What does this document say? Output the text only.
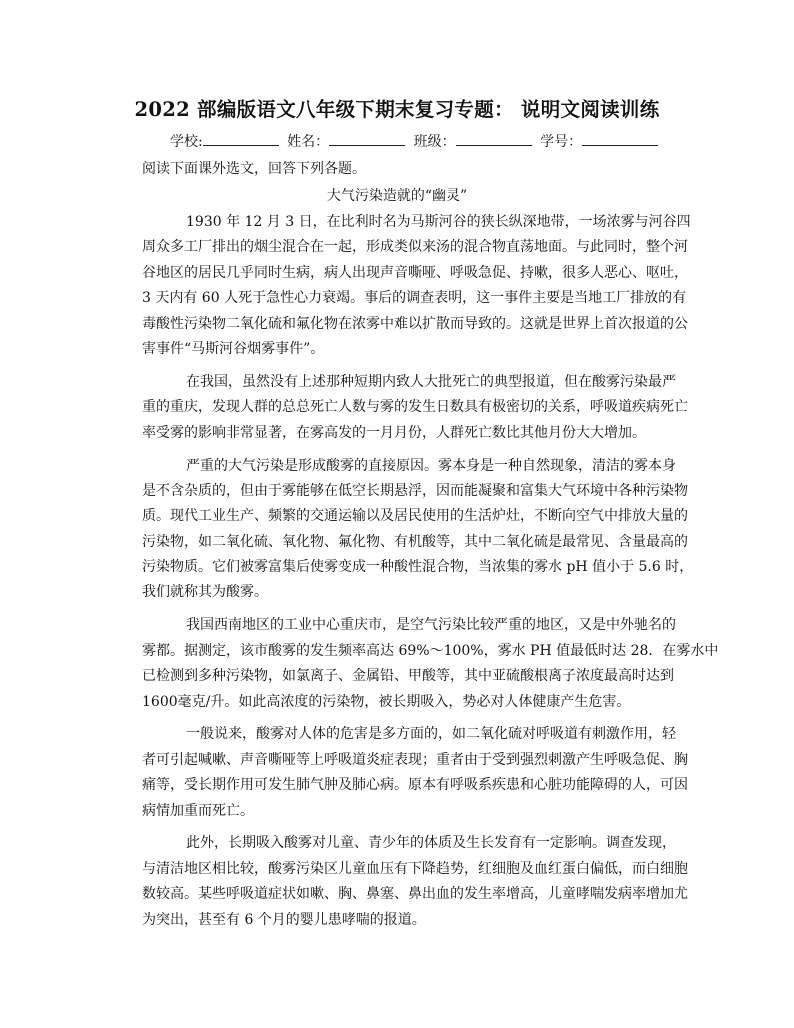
2022 部编版语文八年级下期末复习专题： 说明文阅读训练
学校:	姓名：	班级：	学号：
阅读下面课外选文，回答下列各题。
大气污染造就的“幽灵”
1930 年 12 月 3 日，在比利时名为马斯河谷的狭长纵深地带，一场浓雾与河谷四
周众多工厂排出的烟尘混合在一起，形成类似来汤的混合物直荡地面。与此同时，整个河
谷地区的居民几乎同时生病，病人出现声音嘶哑、呼吸急促、持嗽，很多人恶心、呕吐，
3 天内有 60 人死于急性心力衰竭。事后的调查表明，这一事件主要是当地工厂排放的有
毒酸性污染物二氧化硫和氟化物在浓雾中难以扩散而导致的。这就是世界上首次报道的公
害事件“马斯河谷烟雾事件”。
在我国，虽然没有上述那种短期内致人大批死亡的典型报道，但在酸雾污染最严
重的重庆，发现人群的总总死亡人数与雾的发生日数具有极密切的关系，呼吸道疾病死亡
率受雾的影响非常显著，在雾高发的一月月份，人群死亡数比其他月份大大增加。
严重的大气污染是形成酸雾的直接原因。雾本身是一种自然现象，清洁的雾本身
是不含杂质的，但由于雾能够在低空长期悬浮，因而能凝聚和富集大气环境中各种污染物
质。现代工业生产、频繁的交通运输以及居民使用的生活炉灶，不断向空气中排放大量的
污染物，如二氧化硫、氧化物、氟化物、有机酸等，其中二氧化硫是最常见、含量最高的
污染物质。它们被雾富集后使雾变成一种酸性混合物，当浓集的雾水 pH 值小于 5.6 时，
我们就称其为酸雾。
我国西南地区的工业中心重庆市，是空气污染比较严重的地区，又是中外驰名的
雾都。据测定，该市酸雾的发生频率高达 69%～100%，雾水 PH 值最低时达 28．在雾水中
已检测到多种污染物，如氯离子、金属铅、甲酸等，其中亚硫酸根离子浓度最高时达到
1600毫克/升。如此高浓度的污染物，被长期吸入，势必对人体健康产生危害。
一般说来，酸雾对人体的危害是多方面的，如二氧化硫对呼吸道有刺激作用，轻
者可引起喊嗽、声音嘶哑等上呼吸道炎症表现；重者由于受到强烈刺激产生呼吸急促、胸
痛等，受长期作用可发生肺气肿及肺心病。原本有呼吸系疾患和心脏功能障碍的人，可因
病情加重而死亡。
此外，长期吸入酸雾对儿童、青少年的体质及生长发育有一定影响。调查发现，
与清洁地区相比较，酸雾污染区儿童血压有下降趋势，红细胞及血红蛋白偏低，而白细胞
数较高。某些呼吸道症状如嗽、胸、鼻塞、鼻出血的发生率增高，儿童哮喘发病率增加尤
为突出，甚至有 6 个月的婴儿患哮喘的报道。
